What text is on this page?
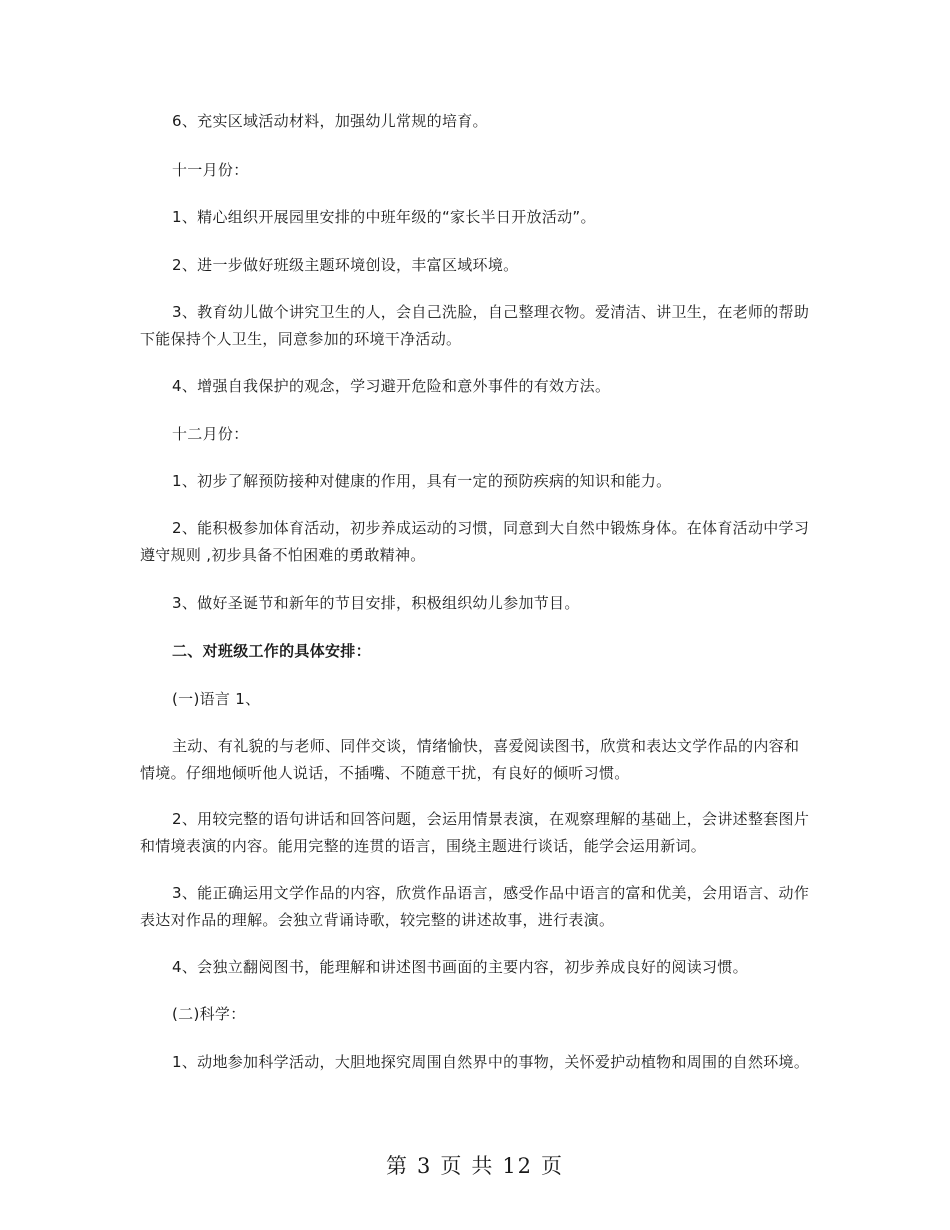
6、充实区域活动材料，加强幼儿常规的培育。

十一月份：

1、精心组织开展园里安排的中班年级的“家长半日开放活动”。

2、进一步做好班级主题环境创设，丰富区域环境。

3、教育幼儿做个讲究卫生的人，会自己洗脸，自己整理衣物。爱清洁、讲卫生，在老师的帮助下能保持个人卫生，同意参加的环境干净活动。

4、增强自我保护的观念，学习避开危险和意外事件的有效方法。

十二月份：

1、初步了解预防接种对健康的作用，具有一定的预防疾病的知识和能力。

2、能积极参加体育活动，初步养成运动的习惯，同意到大自然中锻炼身体。在体育活动中学习遵守规则 ,初步具备不怕困难的勇敢精神。

3、做好圣诞节和新年的节目安排，积极组织幼儿参加节目。

二、对班级工作的具体安排：

(一)语言 1、

主动、有礼貌的与老师、同伴交谈，情绪愉快，喜爱阅读图书，欣赏和表达文学作品的内容和情境。仔细地倾听他人说话，不插嘴、不随意干扰，有良好的倾听习惯。

2、用较完整的语句讲话和回答问题，会运用情景表演，在观察理解的基础上，会讲述整套图片和情境表演的内容。能用完整的连贯的语言，围绕主题进行谈话，能学会运用新词。

3、能正确运用文学作品的内容，欣赏作品语言，感受作品中语言的富和优美，会用语言、动作表达对作品的理解。会独立背诵诗歌，较完整的讲述故事，进行表演。

4、会独立翻阅图书，能理解和讲述图书画面的主要内容，初步养成良好的阅读习惯。

(二)科学：

1、动地参加科学活动，大胆地探究周围自然界中的事物，关怀爱护动植物和周围的自然环境。

第 3 页 共 12 页
